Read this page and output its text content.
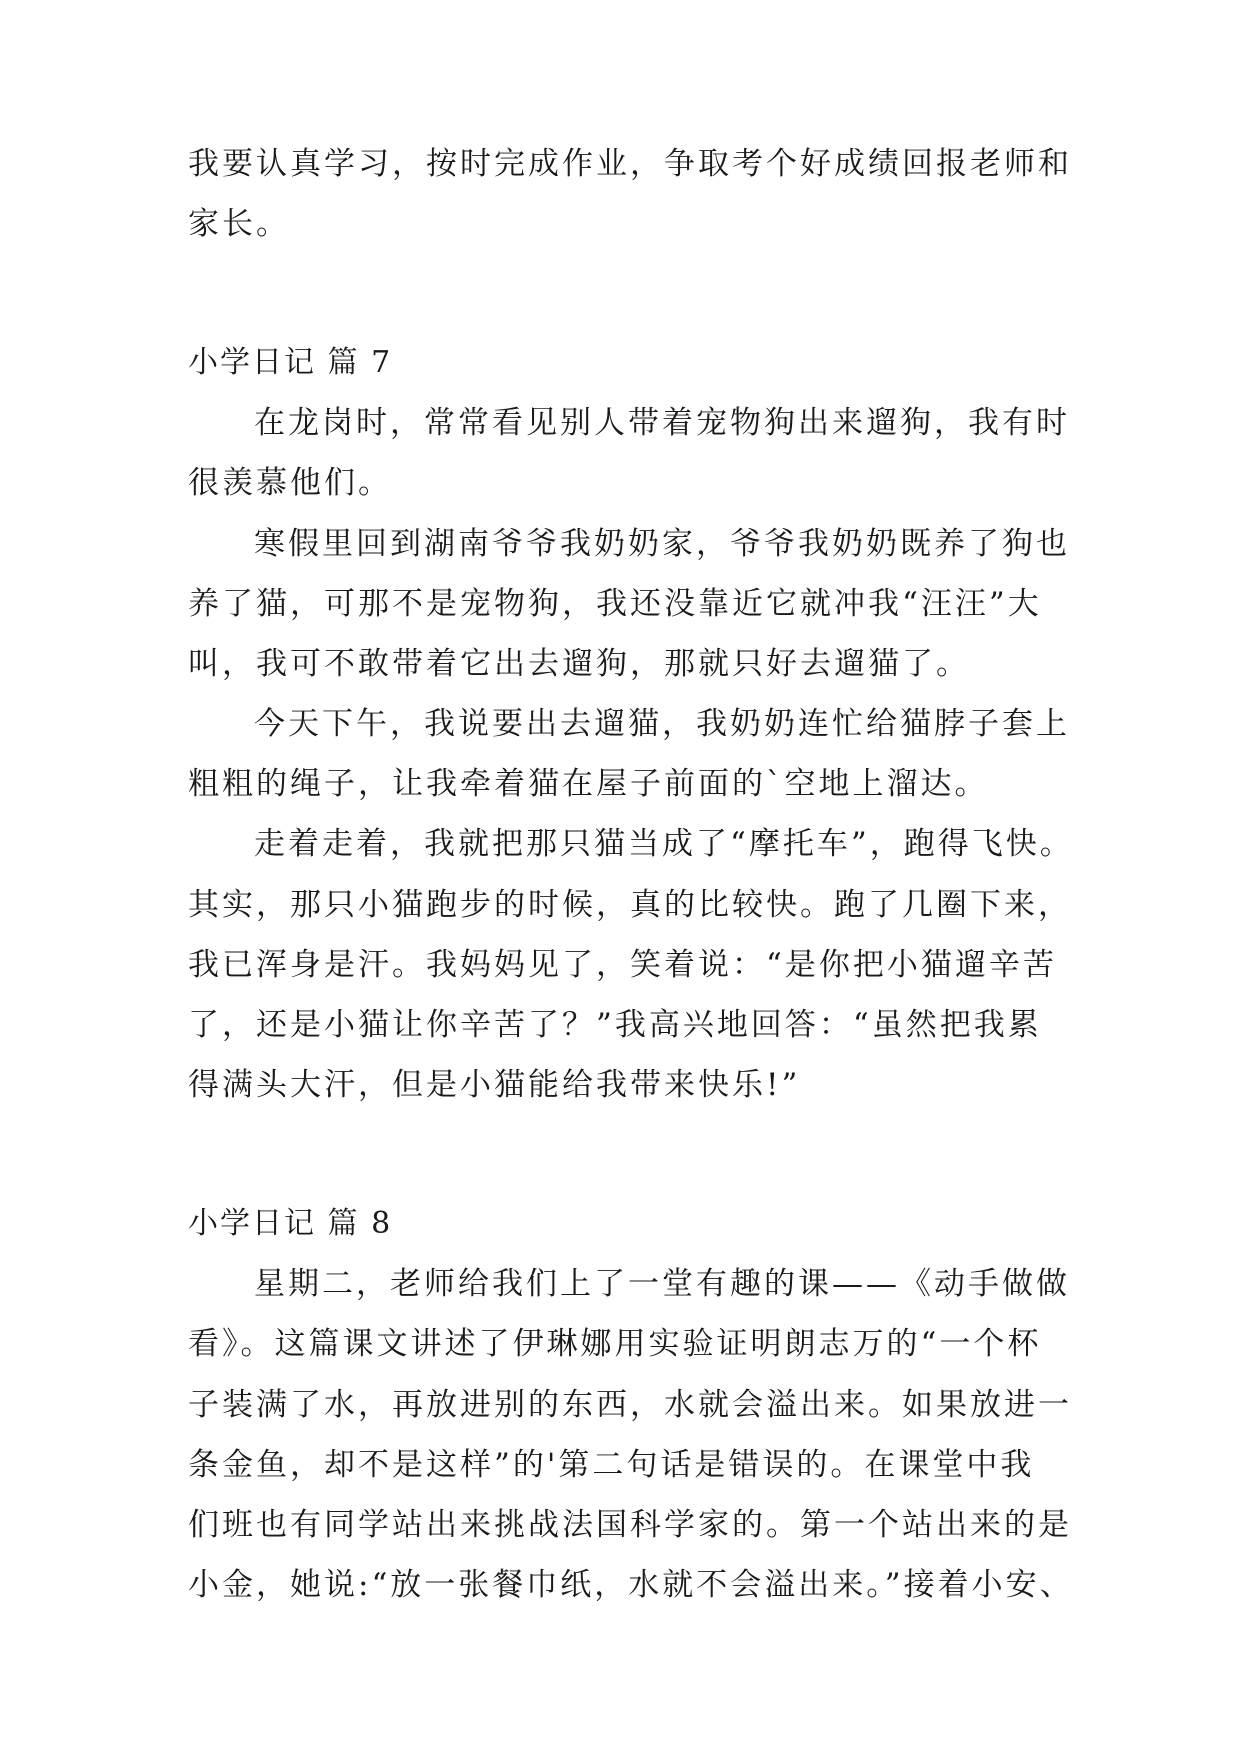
我要认真学习，按时完成作业，争取考个好成绩回报老师和
家长。
小学日记 篇 7
在龙岗时，常常看见别人带着宠物狗出来遛狗，我有时
很羡慕他们。
寒假里回到湖南爷爷我奶奶家，爷爷我奶奶既养了狗也
养了猫，可那不是宠物狗，我还没靠近它就冲我“汪汪”大
叫，我可不敢带着它出去遛狗，那就只好去遛猫了。
今天下午，我说要出去遛猫，我奶奶连忙给猫脖子套上
粗粗的绳子，让我牵着猫在屋子前面的`空地上溜达。
走着走着，我就把那只猫当成了“摩托车”，跑得飞快。
其实，那只小猫跑步的时候，真的比较快。跑了几圈下来，
我已浑身是汗。我妈妈见了，笑着说：“是你把小猫遛辛苦
了，还是小猫让你辛苦了？”我高兴地回答：“虽然把我累
得满头大汗，但是小猫能给我带来快乐!”
小学日记 篇 8
星期二，老师给我们上了一堂有趣的课——《动手做做
看》。这篇课文讲述了伊琳娜用实验证明朗志万的“一个杯
子装满了水，再放进别的东西，水就会溢出来。如果放进一
条金鱼，却不是这样”的'第二句话是错误的。在课堂中我
们班也有同学站出来挑战法国科学家的。第一个站出来的是
小金，她说:“放一张餐巾纸，水就不会溢出来。”接着小安、
